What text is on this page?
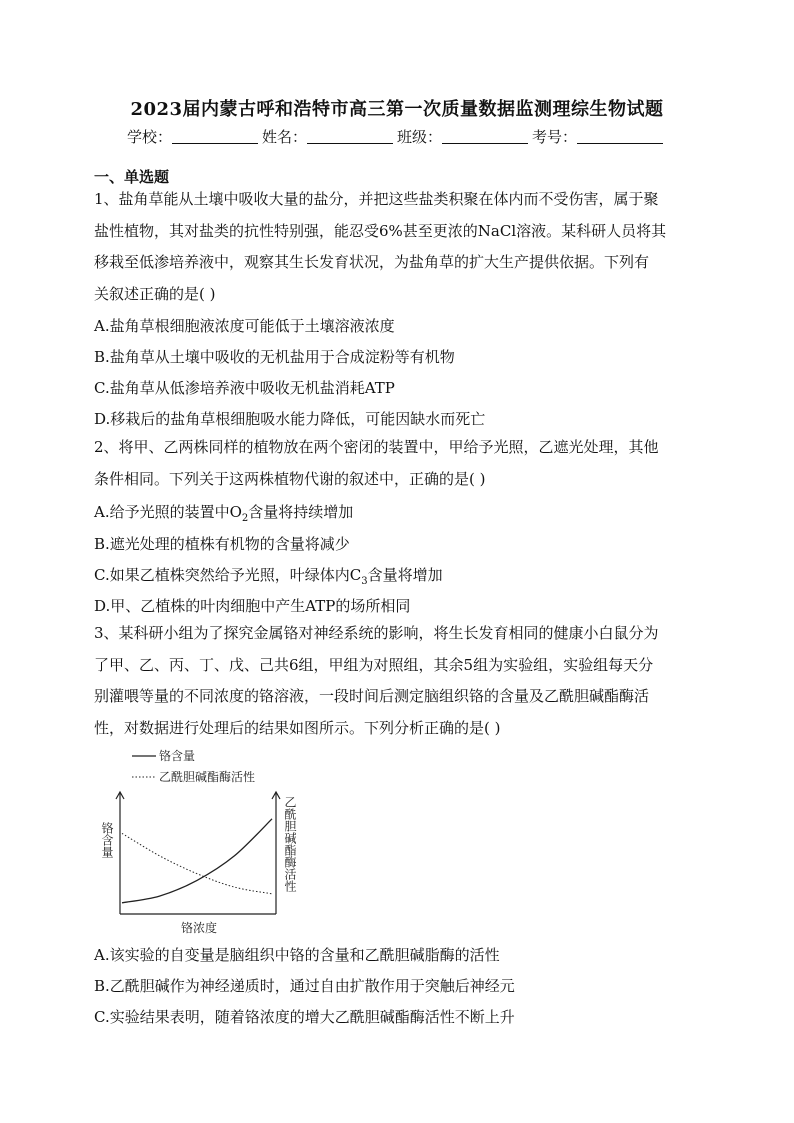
2023届内蒙古呼和浩特市高三第一次质量数据监测理综生物试题
学校：	姓名：	班级：	考号：
一、单选题
1、盐角草能从土壤中吸收大量的盐分，并把这些盐类积聚在体内而不受伤害，属于聚
盐性植物，其对盐类的抗性特别强，能忍受6%甚至更浓的NaCl溶液。某科研人员将其
移栽至低渗培养液中，观察其生长发育状况，为盐角草的扩大生产提供依据。下列有
关叙述正确的是( )
A.盐角草根细胞液浓度可能低于土壤溶液浓度
B.盐角草从土壤中吸收的无机盐用于合成淀粉等有机物
C.盐角草从低渗培养液中吸收无机盐消耗ATP
D.移栽后的盐角草根细胞吸水能力降低，可能因缺水而死亡
2、将甲、乙两株同样的植物放在两个密闭的装置中，甲给予光照，乙遮光处理，其他
条件相同。下列关于这两株植物代谢的叙述中，正确的是( )
A.给予光照的装置中$O_2$含量将持续增加
B.遮光处理的植株有机物的含量将减少
C.如果乙植株突然给予光照，叶绿体内$C_3$含量将增加
D.甲、乙植株的叶肉细胞中产生ATP的场所相同
3、某科研小组为了探究金属铬对神经系统的影响，将生长发育相同的健康小白鼠分为
了甲、乙、丙、丁、戊、己共6组，甲组为对照组，其余5组为实验组，实验组每天分
别灌喂等量的不同浓度的铬溶液，一段时间后测定脑组织铬的含量及乙酰胆碱酯酶活
性，对数据进行处理后的结果如图所示。下列分析正确的是( )
铬含量
乙酰胆碱酯酶活性
铬含量	乙酰胆碱酯酶活性
铬浓度
A.该实验的自变量是脑组织中铬的含量和乙酰胆碱脂酶的活性
B.乙酰胆碱作为神经递质时，通过自由扩散作用于突触后神经元
C.实验结果表明，随着铬浓度的增大乙酰胆碱酯酶活性不断上升
